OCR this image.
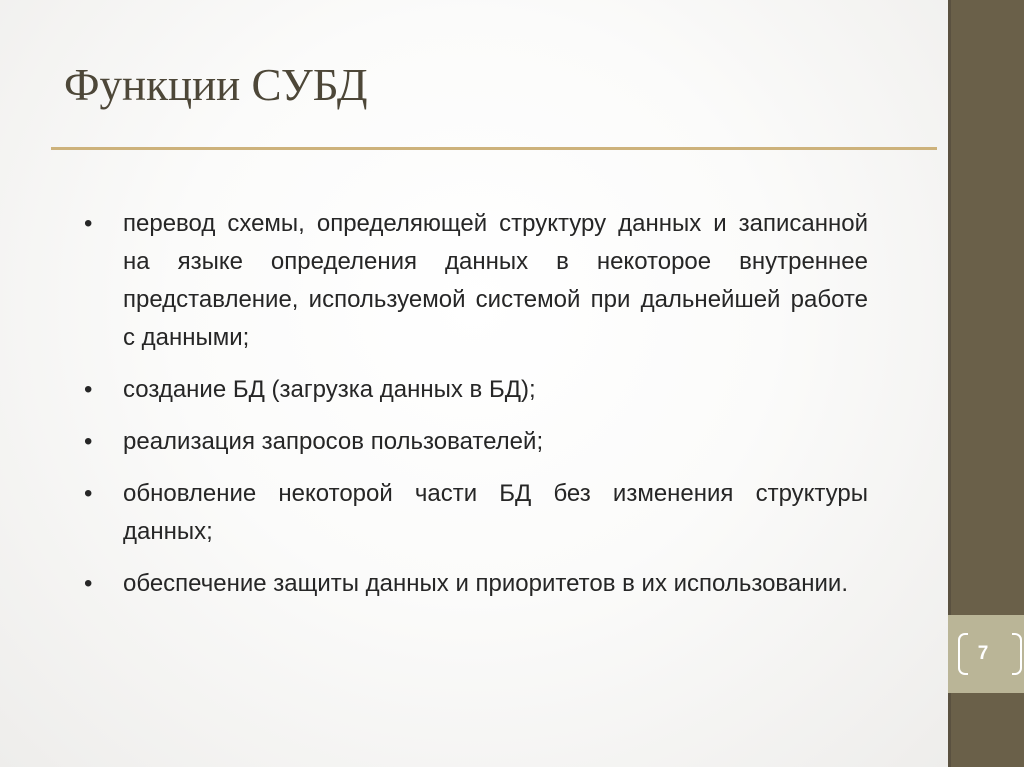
7
Функции СУБД
• перевод схемы, определяющей структуру данных и записанной на языке определения данных в некоторое внутреннее представление, используемой системой при дальнейшей работе с данными;
• создание БД (загрузка данных в БД);
• реализация запросов пользователей;
• обновление некоторой части БД без изменения структуры данных;
• обеспечение защиты данных и приоритетов в их использовании.
